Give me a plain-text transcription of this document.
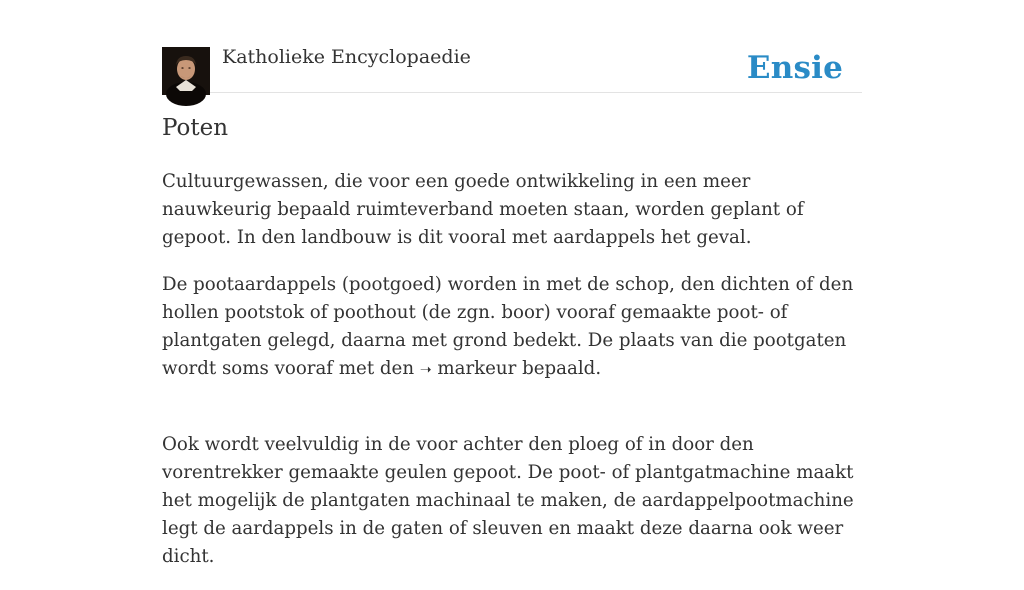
Katholieke Encyclopaedie	Ensie
Poten

Cultuurgewassen, die voor een goede ontwikkeling in een meer nauwkeurig bepaald ruimteverband moeten staan, worden geplant of gepoot. In den landbouw is dit vooral met aardappels het geval.

De pootaardappels (pootgoed) worden in met de schop, den dichten of den hollen pootstok of poothout (de zgn. boor) vooraf gemaakte poot- of plantgaten gelegd, daarna met grond bedekt. De plaats van die pootgaten wordt soms vooraf met den ➝ markeur bepaald.

Ook wordt veelvuldig in de voor achter den ploeg of in door den vorentrekker gemaakte geulen gepoot. De poot- of plantgatmachine maakt het mogelijk de plantgaten machinaal te maken, de aardappelpootmachine legt de aardappels in de gaten of sleuven en maakt deze daarna ook weer dicht.
